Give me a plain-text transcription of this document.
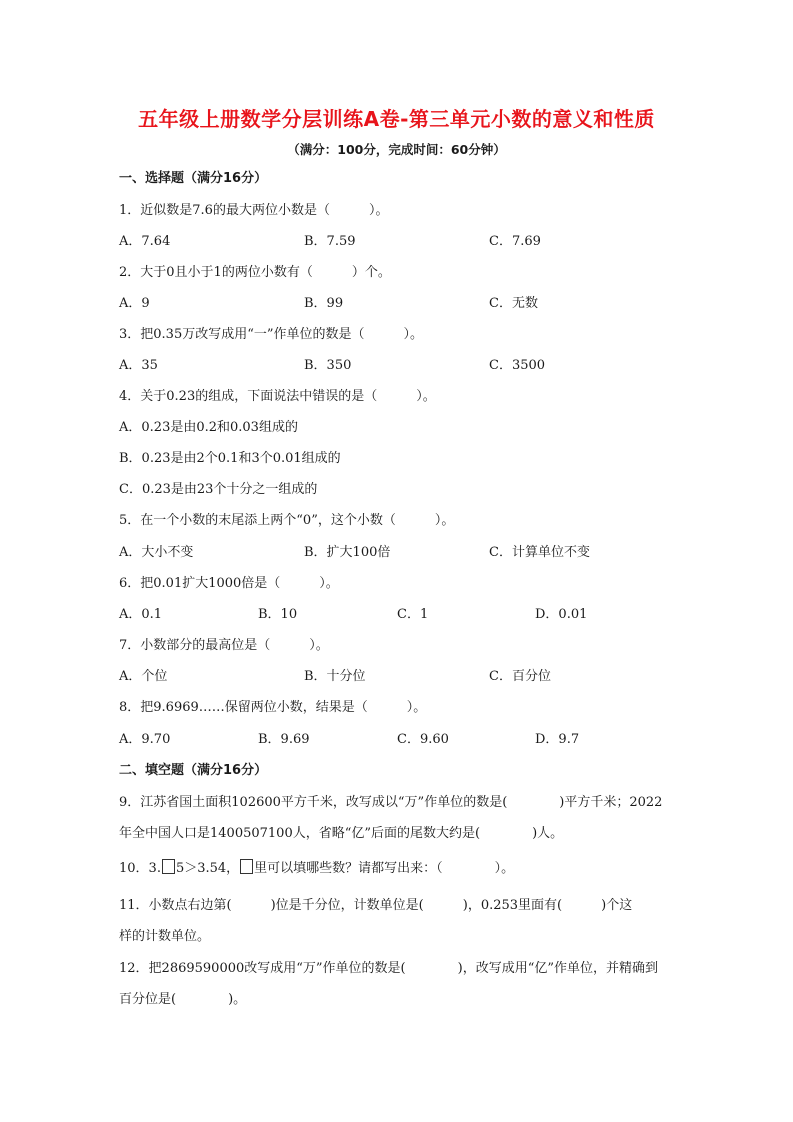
五年级上册数学分层训练A卷-第三单元小数的意义和性质
（满分：100分，完成时间：60分钟）
一、选择题（满分16分）
1．近似数是7.6的最大两位小数是（　　　）。
A．7.64	B．7.59	C．7.69
2．大于0且小于1的两位小数有（　　　）个。
A．9	B．99	C．无数
3．把0.35万改写成用“一”作单位的数是（　　　）。
A．35	B．350	C．3500
4．关于0.23的组成，下面说法中错误的是（　　　）。
A．0.23是由0.2和0.03组成的
B．0.23是由2个0.1和3个0.01组成的
C．0.23是由23个十分之一组成的
5．在一个小数的末尾添上两个“0”，这个小数（　　　）。
A．大小不变	B．扩大100倍	C．计算单位不变
6．把0.01扩大1000倍是（　　　）。
A．0.1	B．10	C．1	D．0.01
7．小数部分的最高位是（　　　）。
A．个位	B．十分位	C．百分位
8．把9.6969……保留两位小数，结果是（　　　）。
A．9.70	B．9.69	C．9.60	D．9.7
二、填空题（满分16分）
9．江苏省国土面积102600平方千米，改写成以“万”作单位的数是(　　　　)平方千米；2022
年全中国人口是1400507100人，省略“亿”后面的尾数大约是(　　　　)人。
10．3. 5＞3.54， 里可以填哪些数？请都写出来：（　　　　）。
11．小数点右边第(　　　)位是千分位，计数单位是(　　　)，0.253里面有(　　　)个这
样的计数单位。
12．把2869590000改写成用“万”作单位的数是(　　　　)，改写成用“亿”作单位，并精确到
百分位是(　　　　)。
